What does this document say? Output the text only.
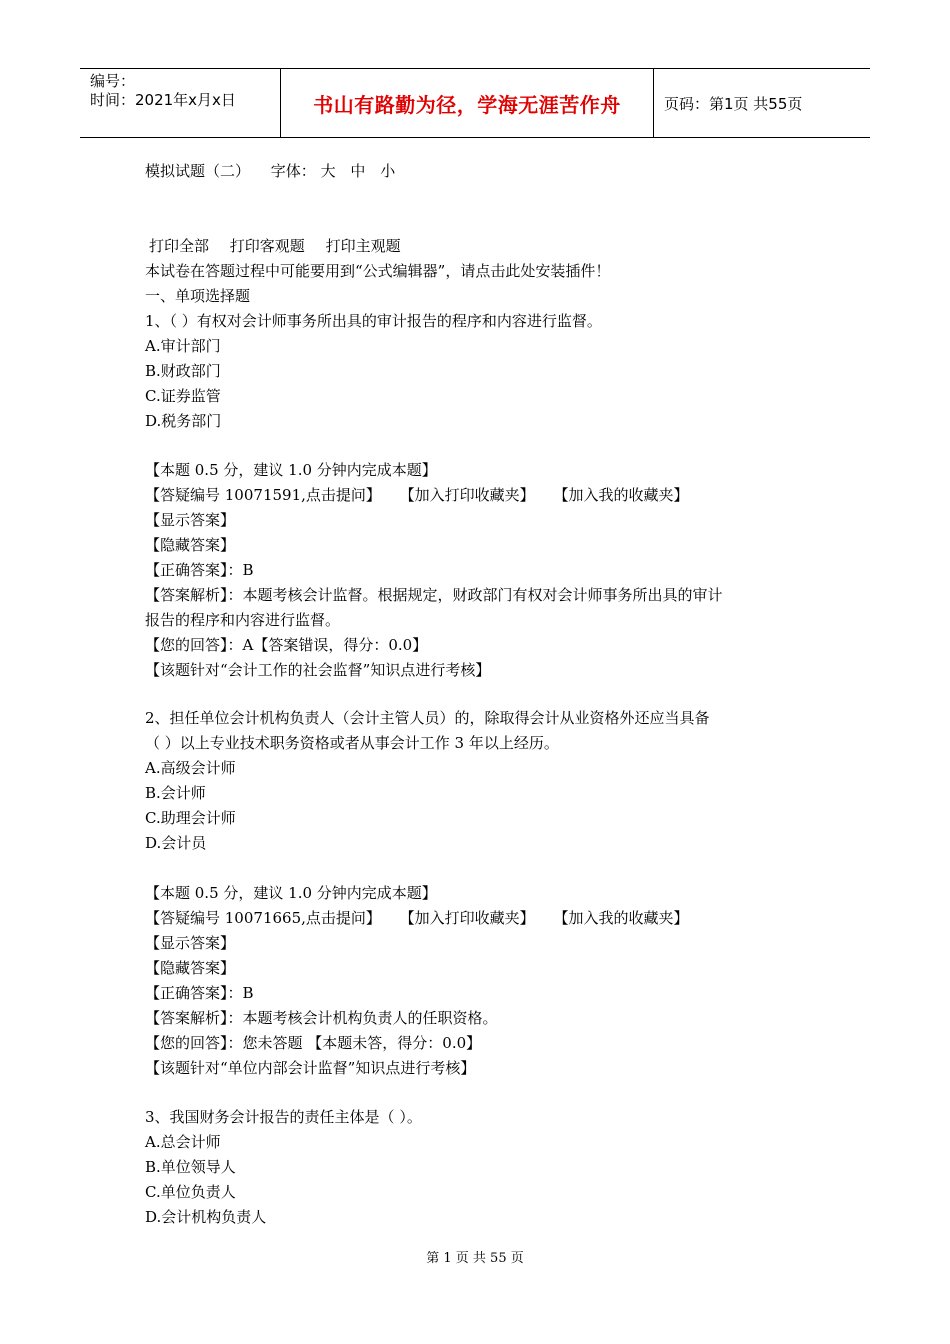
编号：
时间：2021年x月x日	书山有路勤为径，学海无涯苦作舟	页码：第1页 共55页
模拟试题（二） 字体： 大 中 小
打印全部 打印客观题 打印主观题
本试卷在答题过程中可能要用到“公式编辑器”，请点击此处安装插件！
一、单项选择题
1、（ ）有权对会计师事务所出具的审计报告的程序和内容进行监督。
A.审计部门
B.财政部门
C.证券监管
D.税务部门
【本题 0.5 分，建议 1.0 分钟内完成本题】
【答疑编号 10071591,点击提问】 【加入打印收藏夹】 【加入我的收藏夹】
【显示答案】
【隐藏答案】
【正确答案】：B
【答案解析】：本题考核会计监督。根据规定，财政部门有权对会计师事务所出具的审计
报告的程序和内容进行监督。
【您的回答】：A【答案错误，得分：0.0】
【该题针对“会计工作的社会监督”知识点进行考核】
2、担任单位会计机构负责人（会计主管人员）的，除取得会计从业资格外还应当具备
（ ）以上专业技术职务资格或者从事会计工作 3 年以上经历。
A.高级会计师
B.会计师
C.助理会计师
D.会计员
【本题 0.5 分，建议 1.0 分钟内完成本题】
【答疑编号 10071665,点击提问】 【加入打印收藏夹】 【加入我的收藏夹】
【显示答案】
【隐藏答案】
【正确答案】：B
【答案解析】：本题考核会计机构负责人的任职资格。
【您的回答】：您未答题 【本题未答，得分：0.0】
【该题针对“单位内部会计监督”知识点进行考核】
3、我国财务会计报告的责任主体是（ ）。
A.总会计师
B.单位领导人
C.单位负责人
D.会计机构负责人
第 1 页 共 55 页
